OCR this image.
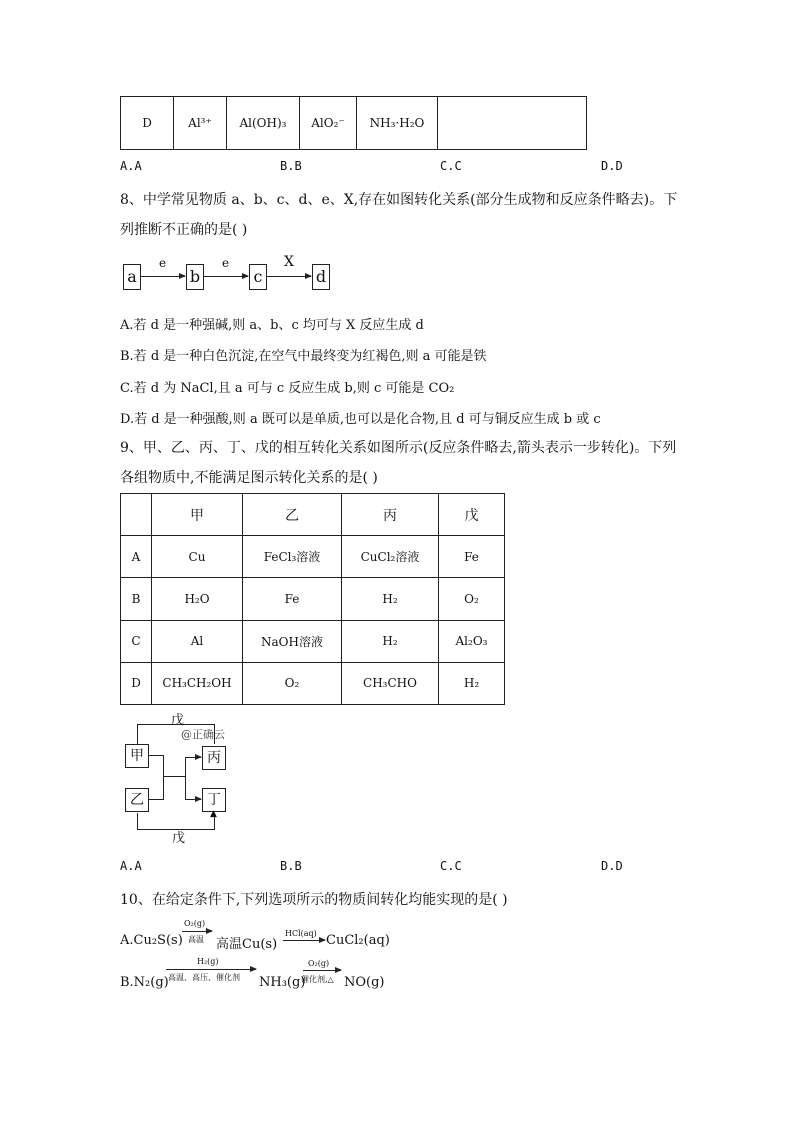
D	Al³⁺	Al(OH)₃	AlO₂⁻	NH₃·H₂O	
A.A	B.B	C.C	D.D
8、中学常见物质 a、b、c、d、e、X,存在如图转化关系(部分生成物和反应条件略去)。下
列推断不正确的是( )
a
e
b
e
c
X
d
A.若 d 是一种强碱,则 a、b、c 均可与 X 反应生成 d
B.若 d 是一种白色沉淀,在空气中最终变为红褐色,则 a 可能是铁
C.若 d 为 NaCl,且 a 可与 c 反应生成 b,则 c 可能是 CO₂
D.若 d 是一种强酸,则 a 既可以是单质,也可以是化合物,且 d 可与铜反应生成 b 或 c
9、甲、乙、丙、丁、戊的相互转化关系如图所示(反应条件略去,箭头表示一步转化)。下列
各组物质中,不能满足图示转化关系的是( )
	甲	乙	丙	戊
A	Cu	FeCl₃溶液	CuCl₂溶液	Fe
B	H₂O	Fe	H₂	O₂
C	Al	NaOH溶液	H₂	Al₂O₃
D	CH₃CH₂OH	O₂	CH₃CHO	H₂
戊
@正确云
甲	丙
乙	丁
▲
戊
A.A	B.B	C.C	D.D
10、在给定条件下,下列选项所示的物质间转化均能实现的是( )
A.Cu₂S(s)
O₂(g)
高温 高温Cu(s)
HCl(aq) → CuCl₂(aq)
B.N₂(g)
H₂(g)
高温、高压、催化剂 NH₃(g)
O₂(g)
催化剂,△ NO(g)
